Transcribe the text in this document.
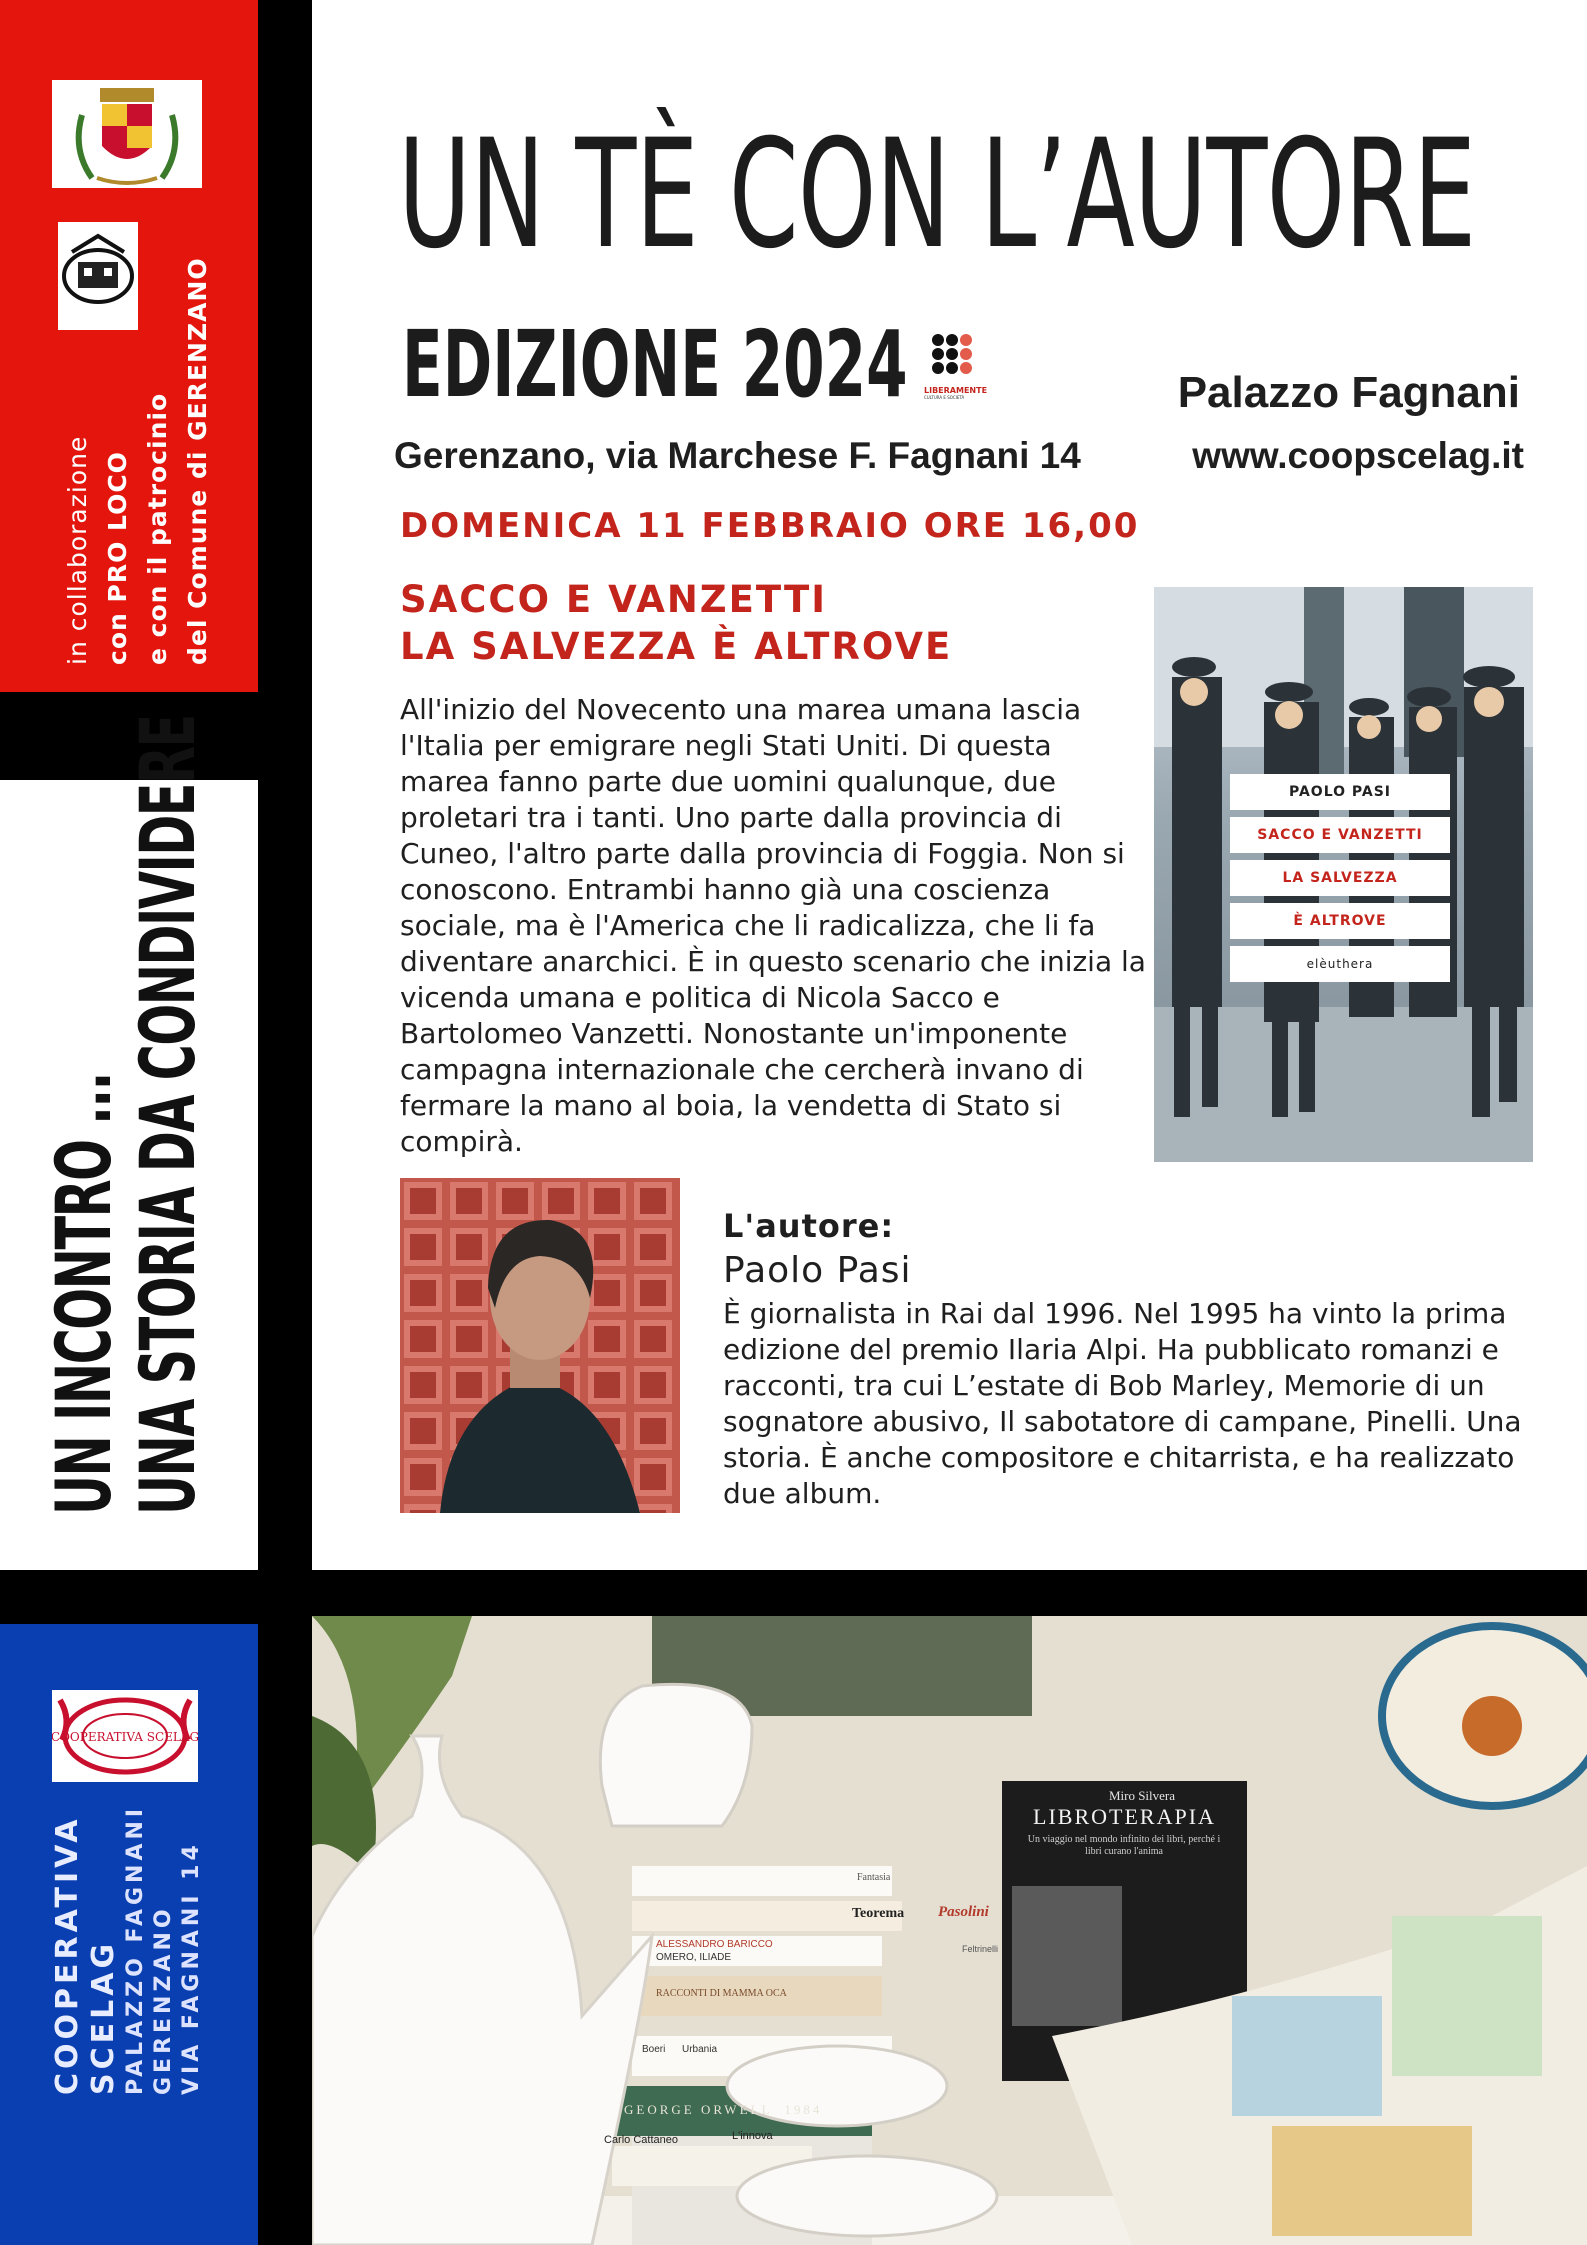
in collaborazione con PRO LOCO e con il patrocinio del Comune di GERENZANO
UN INCONTRO ...
UNA STORIA DA CONDIVIDERE
COOPERATIVA SCELAG
COOPERATIVA SCELAG PALAZZO FAGNANI GERENZANO VIA FAGNANI 14
UN TÈ CON L’AUTORE
EDIZIONE 2024 LIBERAMENTE
CULTURA E SOCIETÀ	Palazzo Fagnani
Gerenzano, via Marchese F. Fagnani 14	www.coopscelag.it
DOMENICA 11 FEBBRAIO ORE 16,00
SACCO E VANZETTI
LA SALVEZZA È ALTROVE
All'inizio del Novecento una marea umana lascia l'Italia per emigrare negli Stati Uniti. Di questa marea fanno parte due uomini qualunque, due proletari tra i tanti. Uno parte dalla provincia di Cuneo, l'altro parte dalla provincia di Foggia. Non si conoscono. Entrambi hanno già una coscienza sociale, ma è l'America che li radicalizza, che li fa diventare anarchici. È in questo scenario che inizia la vicenda umana e politica di Nicola Sacco e Bartolomeo Vanzetti. Nonostante un'imponente campagna internazionale che cercherà invano di fermare la mano al boia, la vendetta di Stato si compirà.
PAOLO PASI
SACCO E VANZETTI
LA SALVEZZA
È ALTROVE
elèuthera
L'autore:
Paolo Pasi
È giornalista in Rai dal 1996. Nel 1995 ha vinto la prima edizione del premio Ilaria Alpi. Ha pubblicato romanzi e racconti, tra cui L’estate di Bob Marley, Memorie di un sognatore abusivo, Il sabotatore di campane, Pinelli. Una storia. È anche compositore e chitarrista, e ha realizzato due album.
Miro Silvera
LIBROTERAPIA
Un viaggio nel mondo infinito dei libri, perché i libri curano l'anima
Fantasia
Teorema Pasolini
ALESSANDRO BARICCO
OMERO, ILIADE
Feltrinelli
RACCONTI DI MAMMA OCA
Boeri Urbania
GEORGE ORWELL  1984
Carlo Cattaneo	L'innova
